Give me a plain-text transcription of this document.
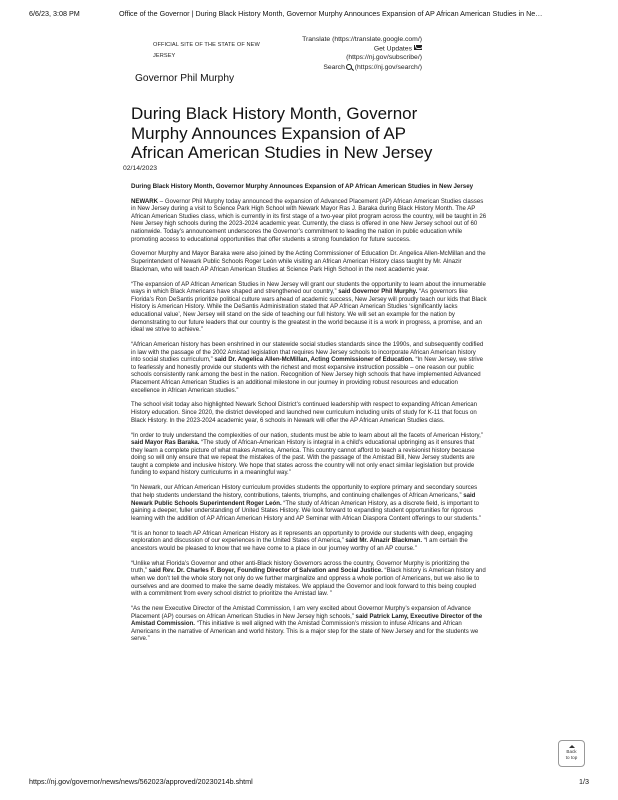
6/6/23, 3:08 PM	Office of the Governor | During Black History Month, Governor Murphy Announces Expansion of AP African American Studies in Ne…
OFFICIAL SITE OF THE STATE OF NEW
JERSEY
Translate (https://translate.google.com/)
Get Updates
(https://nj.gov/subscribe/)
Search (https://nj.gov/search/)
Governor Phil Murphy
During Black History Month, Governor Murphy Announces Expansion of AP African American Studies in New Jersey
02/14/2023
During Black History Month, Governor Murphy Announces Expansion of AP African American Studies in New Jersey

NEWARK – Governor Phil Murphy today announced the expansion of Advanced Placement (AP) African American Studies classes in New Jersey during a visit to Science Park High School with Newark Mayor Ras J. Baraka during Black History Month. The AP African American Studies class, which is currently in its first stage of a two-year pilot program across the country, will be taught in 26 New Jersey high schools during the 2023-2024 academic year. Currently, the class is offered in one New Jersey school out of 60 nationwide. Today’s announcement underscores the Governor’s commitment to leading the nation in public education while promoting access to educational opportunities that offer students a strong foundation for future success.

Governor Murphy and Mayor Baraka were also joined by the Acting Commissioner of Education Dr. Angelica Allen-McMillan and the Superintendent of Newark Public Schools Roger León while visiting an African American History class taught by Mr. Alnazir Blackman, who will teach AP African American Studies at Science Park High School in the next academic year.

“The expansion of AP African American Studies in New Jersey will grant our students the opportunity to learn about the innumerable ways in which Black Americans have shaped and strengthened our country,” said Governor Phil Murphy. “As governors like Florida’s Ron DeSantis prioritize political culture wars ahead of academic success, New Jersey will proudly teach our kids that Black History is American History. While the DeSantis Administration stated that AP African American Studies ‘significantly lacks educational value’, New Jersey will stand on the side of teaching our full history. We will set an example for the nation by demonstrating to our future leaders that our country is the greatest in the world because it is a work in progress, a promise, and an ideal we strive to achieve.”

“African American history has been enshrined in our statewide social studies standards since the 1990s, and subsequently codified in law with the passage of the 2002 Amistad legislation that requires New Jersey schools to incorporate African American history into social studies curriculum,” said Dr. Angelica Allen-McMillan, Acting Commissioner of Education. “In New Jersey, we strive to fearlessly and honestly provide our students with the richest and most expansive instruction possible – one reason our public schools consistently rank among the best in the nation. Recognition of New Jersey high schools that have implemented Advanced Placement African American Studies is an additional milestone in our journey in providing robust resources and education excellence in African American studies.”

The school visit today also highlighted Newark School District’s continued leadership with respect to expanding African American History education. Since 2020, the district developed and launched new curriculum including units of study for K-11 that focus on Black History. In the 2023-2024 academic year, 6 schools in Newark will offer the AP African American Studies class.

“In order to truly understand the complexities of our nation, students must be able to learn about all the facets of American History,” said Mayor Ras Baraka. “The study of African-American History is integral in a child’s educational upbringing as it ensures that they learn a complete picture of what makes America, America. This country cannot afford to teach a revisionist history because doing so will only ensure that we repeat the mistakes of the past. With the passage of the Amistad Bill, New Jersey students are taught a complete and inclusive history. We hope that states across the country will not only enact similar legislation but provide funding to expand history curriculums in a meaningful way.”

“In Newark, our African American History curriculum provides students the opportunity to explore primary and secondary sources that help students understand the history, contributions, talents, triumphs, and continuing challenges of African Americans,” said Newark Public Schools Superintendent Roger León. “The study of African American History, as a discrete field, is important to gaining a deeper, fuller understanding of United States History. We look forward to expanding student opportunities for rigorous learning with the addition of AP African American History and AP Seminar with African Diaspora Content offerings to our students.”

“It is an honor to teach AP African American History as it represents an opportunity to provide our students with deep, engaging exploration and discussion of our experiences in the United States of America,” said Mr. Alnazir Blackman. “I am certain the ancestors would be pleased to know that we have come to a place in our journey worthy of an AP course.”

“Unlike what Florida’s Governor and other anti-Black history Governors across the country, Governor Murphy is prioritizing the truth,” said Rev. Dr. Charles F. Boyer, Founding Director of Salvation and Social Justice. “Black history is American history and when we don’t tell the whole story not only do we further marginalize and oppress a whole portion of Americans, but we also lie to ourselves and are doomed to make the same deadly mistakes. We applaud the Governor and look forward to this being coupled with a commitment from every school district to prioritize the Amistad law. ”

“As the new Executive Director of the Amistad Commission, I am very excited about Governor Murphy’s expansion of Advance Placement (AP) courses on African American Studies in New Jersey high schools,” said Patrick Lamy, Executive Director of the Amistad Commission. “This initiative is well aligned with the Amistad Commission’s mission to infuse Africans and African Americans in the narrative of American and world history. This is a major step for the state of New Jersey and for the students we serve.”

Back
to top
https://nj.gov/governor/news/news/562023/approved/20230214b.shtml	1/3
